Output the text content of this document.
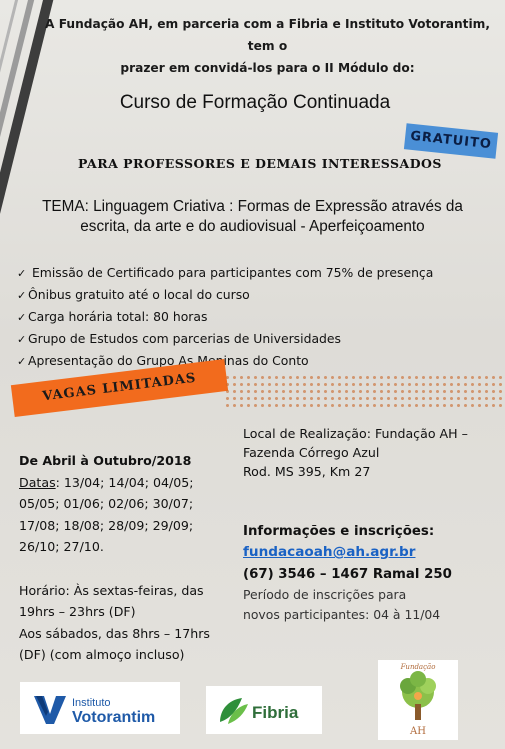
A Fundação AH, em parceria com a Fibria e Instituto Votorantim, tem o
prazer em convidá-los para o II Módulo do:
Curso de Formação Continuada
GRATUITO
PARA PROFESSORES E DEMAIS INTERESSADOS
TEMA: Linguagem Criativa : Formas de Expressão através da
escrita, da arte e do audiovisual - Aperfeiçoamento
✓ Emissão de Certificado para participantes com 75% de presença
✓ Ônibus gratuito até o local do curso
✓ Carga horária total: 80 horas
✓ Grupo de Estudos com parcerias de Universidades
✓ Apresentação do Grupo As Meninas do Conto
VAGAS LIMITADAS
De Abril à Outubro/2018
Datas: 13/04; 14/04; 04/05;
05/05; 01/06; 02/06; 30/07;
17/08; 18/08; 28/09; 29/09;
26/10; 27/10.
Horário: Às sextas-feiras, das
19hrs – 23hrs (DF)
Aos sábados, das 8hrs – 17hrs
(DF) (com almoço incluso)
Local de Realização: Fundação AH –
Fazenda Córrego Azul
Rod. MS 395, Km 27
Informações e inscrições:
fundacaoah@ah.agr.br
(67) 3546 – 1467 Ramal 250
Período de inscrições para
novos participantes: 04 à 11/04
Instituto
Votorantim	Fibria
Fundação
AH
